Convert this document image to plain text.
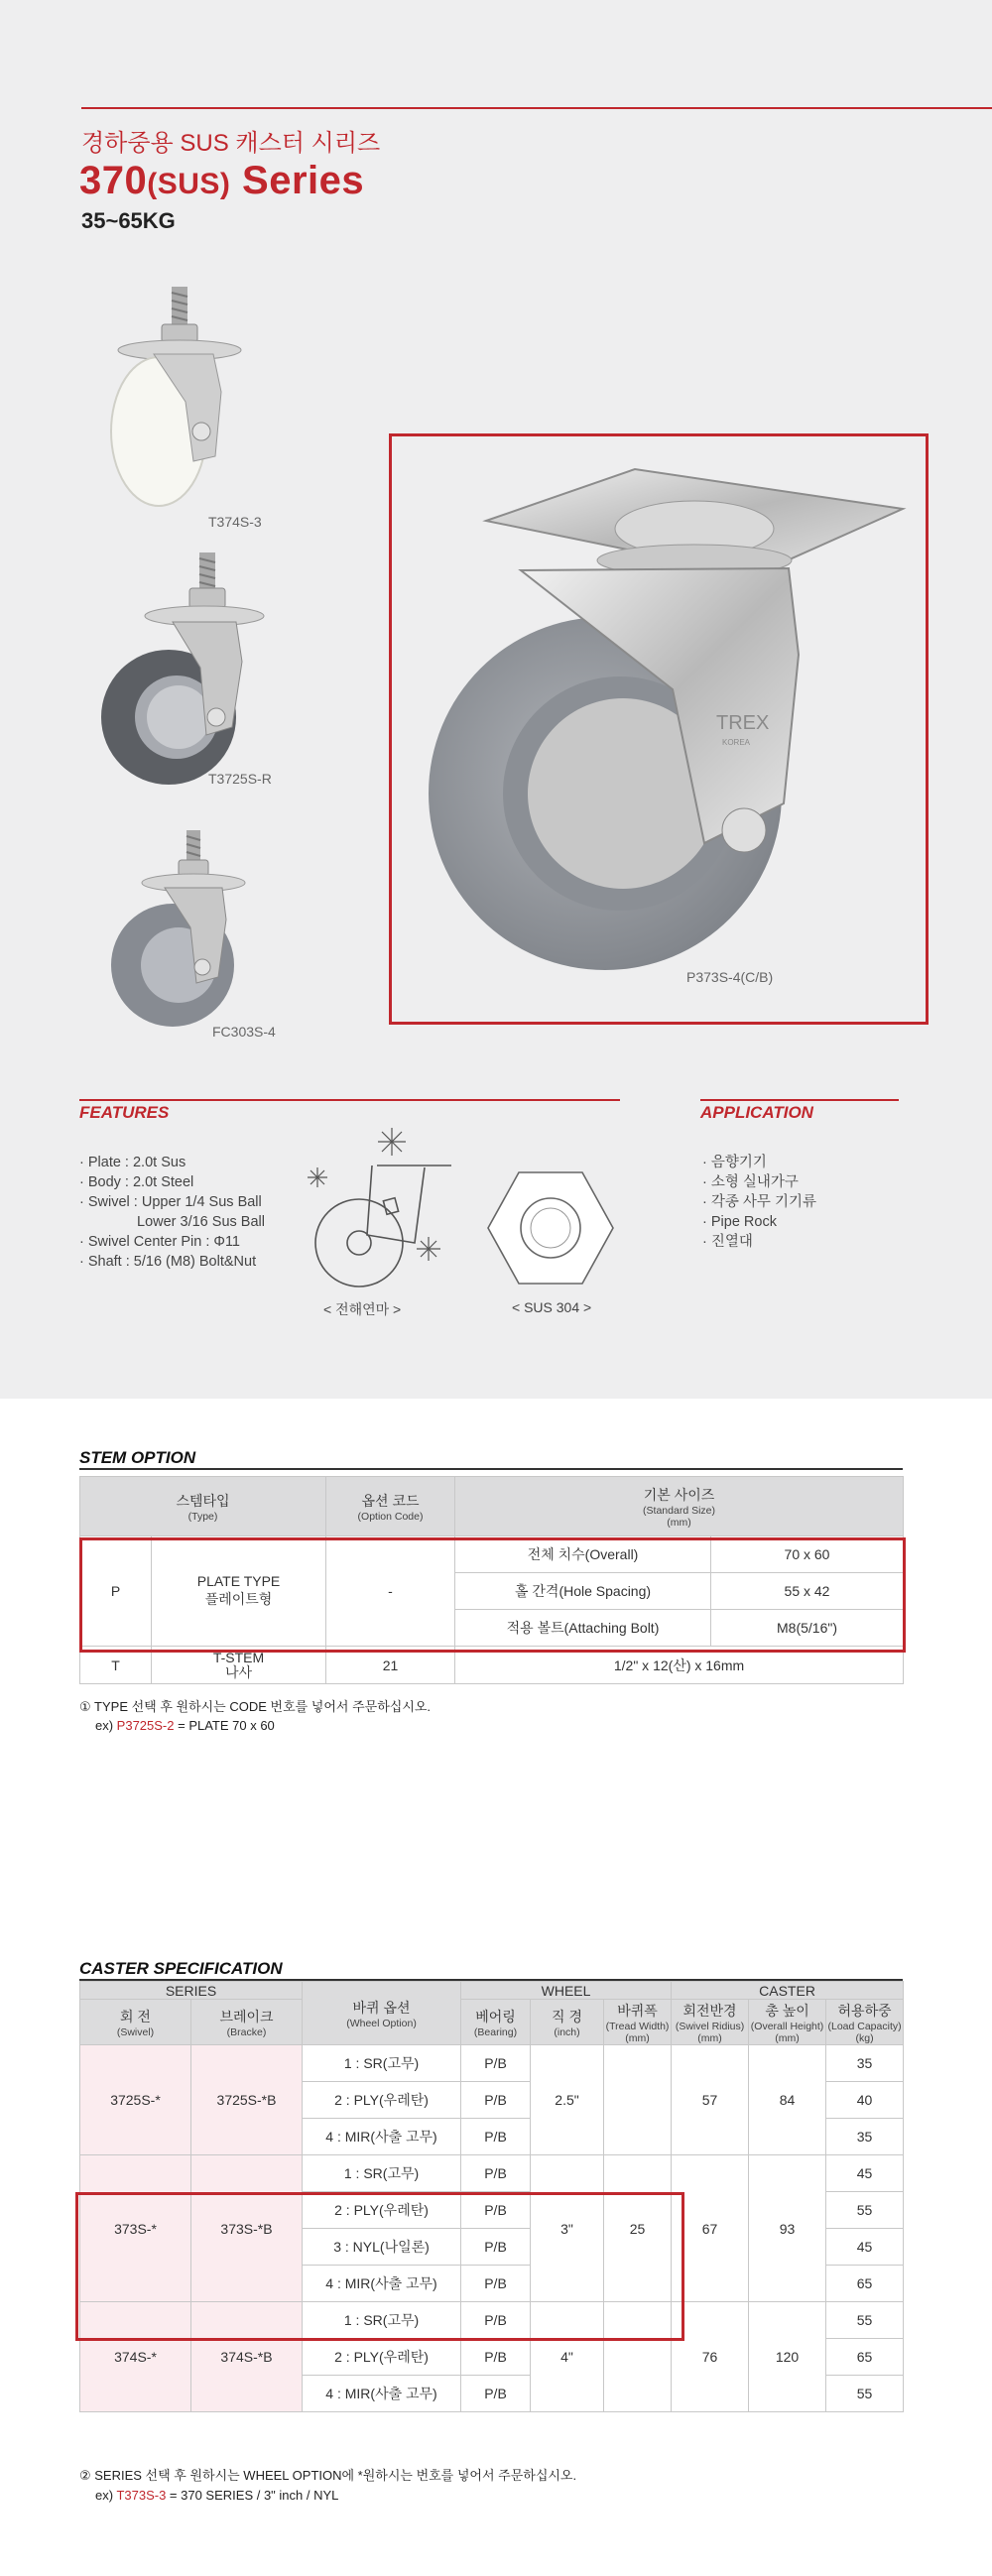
경하중용 SUS 캐스터 시리즈
370(SUS) Series
35~65KG
T374S-3
T3725S-R
FC303S-4
TREX
KOREA
P373S-4(C/B)
FEATURES
· Plate : 2.0t Sus
· Body : 2.0t Steel
· Swivel : Upper 1/4 Sus Ball
Lower 3/16 Sus Ball
· Swivel Center Pin : Φ11
· Shaft : 5/16 (M8) Bolt&Nut
< 전해연마 >	< SUS 304 >
APPLICATION
· 음향기기
· 소형 실내가구
· 각종 사무 기기류
· Pipe Rock
· 진열대
STEM OPTION
스템타입
(Type)		옵션 코드
(Option Code)	기본 사이즈
(Standard Size)
(mm)	

P	PLATE TYPE
플레이트형	-	전체 치수(Overall)	70 x 60
			홀 간격(Hole Spacing)	55 x 42
			적용 볼트(Attaching Bolt)	M8(5/16")
T	T-STEM
나사	21	1/2" x 12(산) x 16mm	
① TYPE 선택 후 원하시는 CODE 번호를 넣어서 주문하십시오.
ex) P3725S-2 = PLATE 70 x 60
CASTER SPECIFICATION
SERIES		바퀴 옵션
(Wheel Option)	WHEEL			CASTER		
회 전
(Swivel)	브레이크
(Bracke)		베어링
(Bearing)	직 경
(inch)	바퀴폭
(Tread Width)
(mm)	회전반경
(Swivel Ridius)
(mm)	총 높이
(Overall Height)
(mm)	허용하중
(Load Capacity)
(kg)

3725S-*	3725S-*B	1 : SR(고무)	P/B	2.5"		57	84	35
		2 : PLY(우레탄)	P/B					40
		4 : MIR(사출 고무)	P/B					35
373S-*	373S-*B	1 : SR(고무)	P/B	3"	25	67	93	45
		2 : PLY(우레탄)	P/B					55
		3 : NYL(나일론)	P/B					45
		4 : MIR(사출 고무)	P/B					65
374S-*	374S-*B	1 : SR(고무)	P/B	4"		76	120	55
		2 : PLY(우레탄)	P/B					65
		4 : MIR(사출 고무)	P/B					55
② SERIES 선택 후 원하시는 WHEEL OPTION에 *원하시는 번호를 넣어서 주문하십시오.
ex) T373S-3 = 370 SERIES / 3" inch / NYL
